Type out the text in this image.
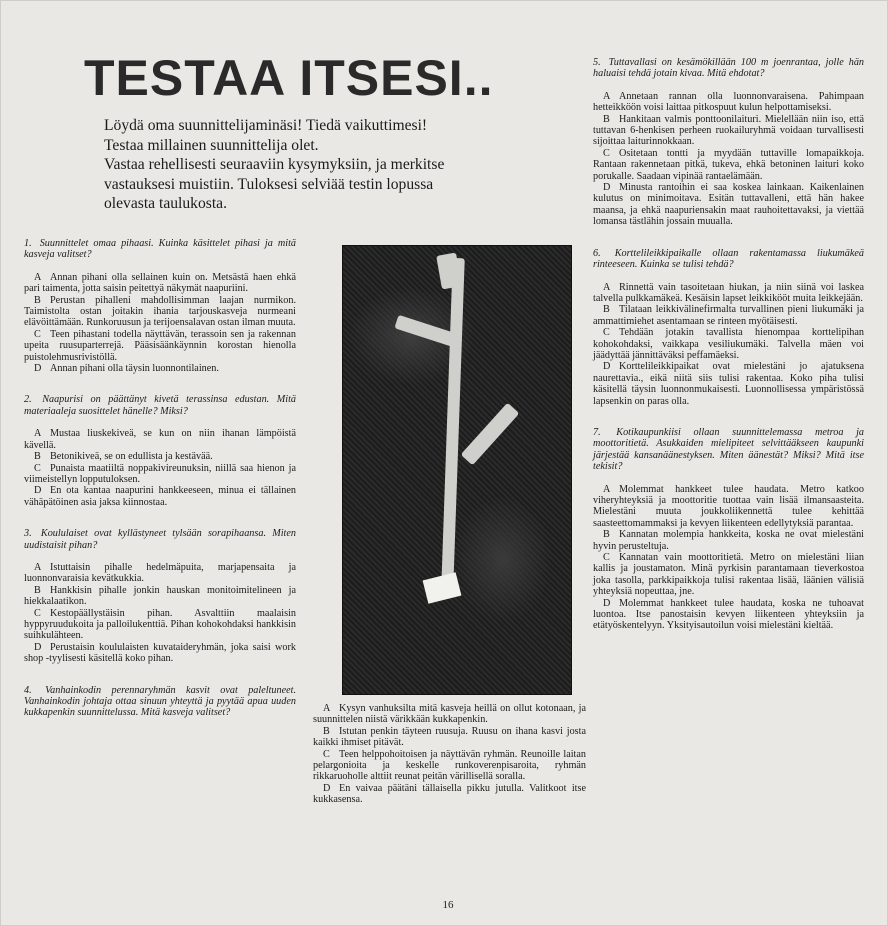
TESTAA ITSESI..
Löydä oma suunnittelijaminäsi! Tiedä vaikuttimesi!
Testaa millainen suunnittelija olet.
Vastaa rehellisesti seuraaviin kysymyksiin, ja merkitse
vastauksesi muistiin. Tuloksesi selviää testin lopussa
olevasta taulukosta.
1. Suunnittelet omaa pihaasi. Kuinka käsittelet pihasi ja mitä kasveja valitset?
A Annan pihani olla sellainen kuin on. Metsästä haen ehkä pari taimenta, jotta saisin peitettyä näkymät naapuriini.
B Perustan pihalleni mahdollisimman laajan nurmikon. Taimistolta ostan joitakin ihania tarjouskasveja nurmeani elävöittämään. Runkoruusun ja terijoensalavan ostan ilman muuta.
C Teen pihastani todella näyttävän, terassoin sen ja rakennan upeita ruusuparterrejä. Pääsisäänkäynnin korostan hienolla puistolehmusrivistöllä.
D Annan pihani olla täysin luonnontilainen.
2. Naapurisi on päättänyt kivetä terassinsa edustan. Mitä materiaaleja suosittelet hänelle? Miksi?
A Mustaa liuskekiveä, se kun on niin ihanan lämpöistä kävellä.
B Betonikiveä, se on edullista ja kestävää.
C Punaista maatiiltä noppakivireunuksin, niillä saa hienon ja viimeistellyn lopputuloksen.
D En ota kantaa naapurini hankkeeseen, minua ei tällainen vähäpätöinen asia jaksa kiinnostaa.
3. Koululaiset ovat kyllästyneet tylsään sorapihaansa. Miten uudistaisit pihan?
A Istuttaisin pihalle hedelmäpuita, marjapensaita ja luonnonvaraisia kevätkukkia.
B Hankkisin pihalle jonkin hauskan monitoimitelineen ja hiekkalaatikon.
C Kestopäällystäisin pihan. Asvalttiin maalaisin hyppyruudukoita ja palloilukenttiä. Pihan kohokohdaksi hankkisin suihkulähteen.
D Perustaisin koululaisten kuvataideryhmän, joka saisi work shop -tyylisesti käsitellä koko pihan.
4. Vanhainkodin perennaryhmän kasvit ovat paleltuneet. Vanhainkodin johtaja ottaa sinuun yhteyttä ja pyytää apua uuden kukkapenkin suunnittelussa. Mitä kasveja valitset?	A Kysyn vanhuksilta mitä kasveja heillä on ollut kotonaan, ja suunnittelen niistä värikkään kukkapenkin.
B Istutan penkin täyteen ruusuja. Ruusu on ihana kasvi josta kaikki ihmiset pitävät.
C Teen helppohoitoisen ja näyttävän ryhmän. Reunoille laitan pelargonioita ja keskelle runkoverenpisaroita, ryhmän rikkaruoholle alttiit reunat peitän värillisellä soralla.
D En vaivaa päätäni tällaisella pikku jutulla. Valitkoot itse kukkasensa.
5. Tuttavallasi on kesämökillään 100 m joenrantaa, jolle hän haluaisi tehdä jotain kivaa. Mitä ehdotat?
A Annetaan rannan olla luonnonvaraisena. Pahimpaan hetteikköön voisi laittaa pitkospuut kulun helpottamiseksi.
B Hankitaan valmis ponttoonilaituri. Mielellään niin iso, että tuttavan 6-henkisen perheen ruokailuryhmä voidaan turvallisesti sijoittaa laiturinnokkaan.
C Ositetaan tontti ja myydään tuttaville lomapaikkoja. Rantaan rakennetaan pitkä, tukeva, ehkä betoninen laituri koko porukalle. Saadaan vipinää rantaelämään.
D Minusta rantoihin ei saa koskea lainkaan. Kaikenlainen kulutus on minimoitava. Esitän tuttavalleni, että hän hakee maansa, ja ehkä naapuriensakin maat rauhoitettavaksi, ja viettää lomansa tästlähin jossain muualla.
6. Korttelileikkipaikalle ollaan rakentamassa liukumäkeä rinteeseen. Kuinka se tulisi tehdä?
A Rinnettä vain tasoitetaan hiukan, ja niin siinä voi laskea talvella pulkkamäkeä. Kesäisin lapset leikkikööt muita leikkejään.
B Tilataan leikkivälinefirmalta turvallinen pieni liukumäki ja ammattimiehet asentamaan se rinteen myötäisesti.
C Tehdään jotakin tavallista hienompaa korttelipihan kohokohdaksi, vaikkapa vesiliukumäki. Talvella mäen voi jäädyttää jännittäväksi peffamäeksi.
D Korttelileikkipaikat ovat mielestäni jo ajatuksena naurettavia., eikä niitä siis tulisi rakentaa. Koko piha tulisi käsitellä täysin luonnonmukaisesti. Luonnollisessa ympäristössä lapsenkin on paras olla.
7. Kotikaupunkiisi ollaan suunnittelemassa metroa ja moottoritietä. Asukkaiden mielipiteet selvittääkseen kaupunki järjestää kansanäänestyksen. Miten äänestät? Miksi? Mitä itse tekisit?
A Molemmat hankkeet tulee haudata. Metro katkoo viheryhteyksiä ja moottoritie tuottaa vain lisää ilmansaasteita. Mielestäni muuta joukkoliikennettä tulee kehittää saasteettomammaksi ja kevyen liikenteen edellytyksiä parantaa.
B Kannatan molempia hankkeita, koska ne ovat mielestäni hyvin perusteltuja.
C Kannatan vain moottoritietä. Metro on mielestäni liian kallis ja joustamaton. Minä pyrkisin parantamaan tieverkostoa joka tasolla, parkkipaikkoja tulisi rakentaa lisää, läänien välisiä yhteyksiä nopeuttaa, jne.
D Molemmat hankkeet tulee haudata, koska ne tuhoavat luontoa. Itse panostaisin kevyen liikenteen yhteyksiin ja etätyöskentelyyn. Yksityisautoilun voisi mielestäni kieltää.
16
